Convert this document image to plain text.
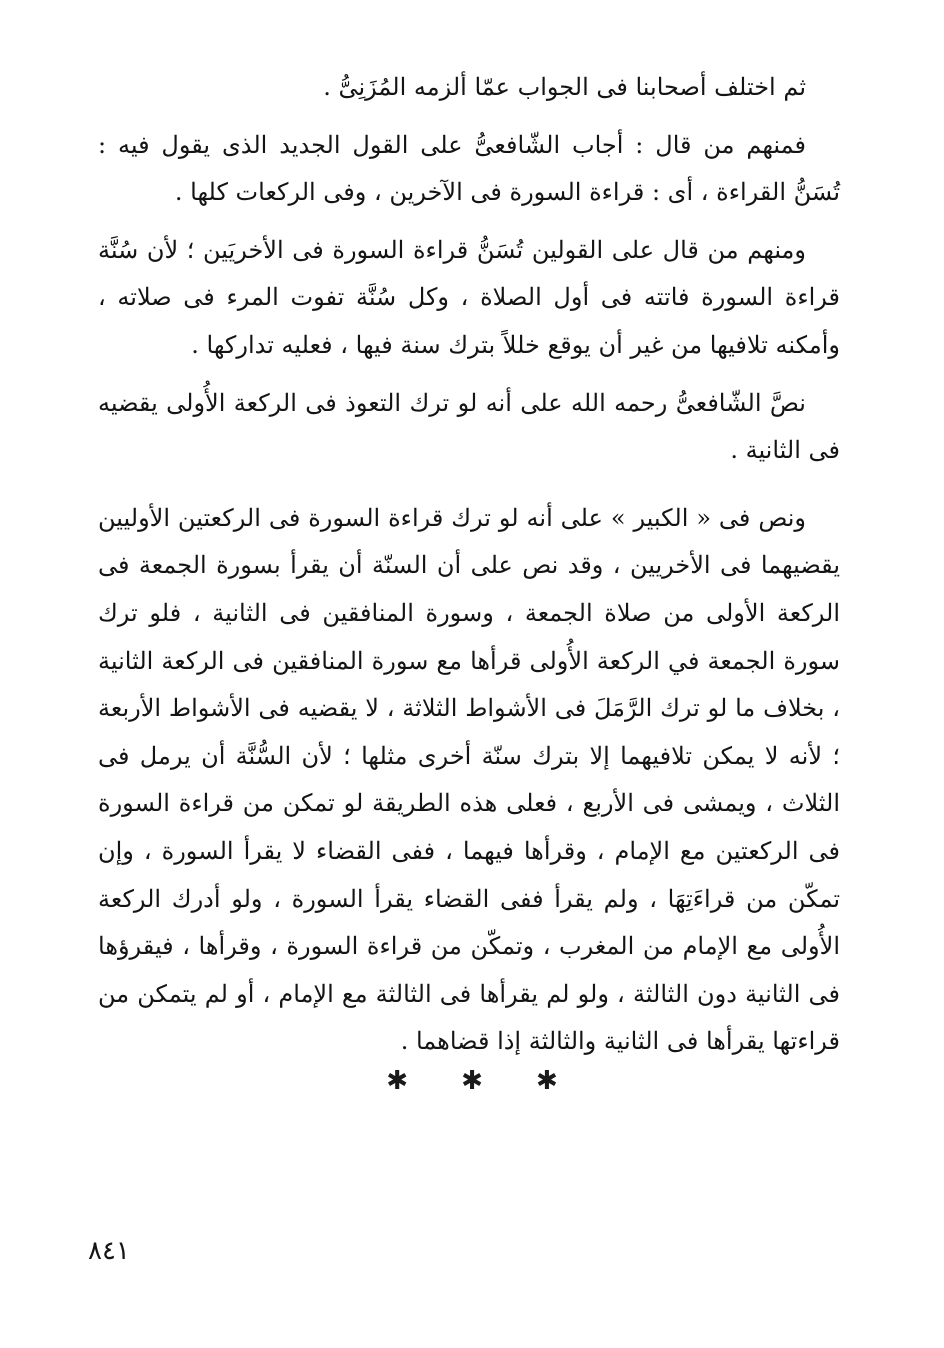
ثم اختلف أصحابنا فى الجواب عمّا ألزمه المُزَنِىُّ .

فمنهم من قال : أجاب الشّافعىُّ على القول الجديد الذى يقول فيه : تُسَنُّ القراءة ، أى : قراءة السورة فى الآخرين ، وفى الركعات كلها .

ومنهم من قال على القولين تُسَنُّ قراءة السورة فى الأخريَين ؛ لأن سُنَّة قراءة السورة فاتته فى أول الصلاة ، وكل سُنَّة تفوت المرء فى صلاته ، وأمكنه تلافيها من غير أن يوقع خللاً بترك سنة فيها ، فعليه تداركها .

نصَّ الشّافعىُّ رحمه الله على أنه لو ترك التعوذ فى الركعة الأُولى يقضيه فى الثانية .

ونص فى « الكبير » على أنه لو ترك قراءة السورة فى الركعتين الأوليين يقضيهما فى الأخريين ، وقد نص على أن السنّة أن يقرأ بسورة الجمعة فى الركعة الأولى من صلاة الجمعة ، وسورة المنافقين فى الثانية ، فلو ترك سورة الجمعة في الركعة الأُولى قرأها مع سورة المنافقين فى الركعة الثانية ، بخلاف ما لو ترك الرَّمَلَ فى الأشواط الثلاثة ، لا يقضيه فى الأشواط الأربعة ؛ لأنه لا يمكن تلافيهما إلا بترك سنّة أخرى مثلها ؛ لأن السُّنَّة أن يرمل فى الثلاث ، ويمشى فى الأربع ، فعلى هذه الطريقة لو تمكن من قراءة السورة فى الركعتين مع الإمام ، وقرأها فيهما ، ففى القضاء لا يقرأ السورة ، وإن تمكّن من قراءَتِهَا ، ولم يقرأ ففى القضاء يقرأ السورة ، ولو أدرك الركعة الأُولى مع الإمام من المغرب ، وتمكّن من قراءة السورة ، وقرأها ، فيقرؤها فى الثانية دون الثالثة ، ولو لم يقرأها فى الثالثة مع الإمام ، أو لم يتمكن من قراءتها يقرأها فى الثانية والثالثة إذا قضاهما .

✱ ✱ ✱
٨٤١
